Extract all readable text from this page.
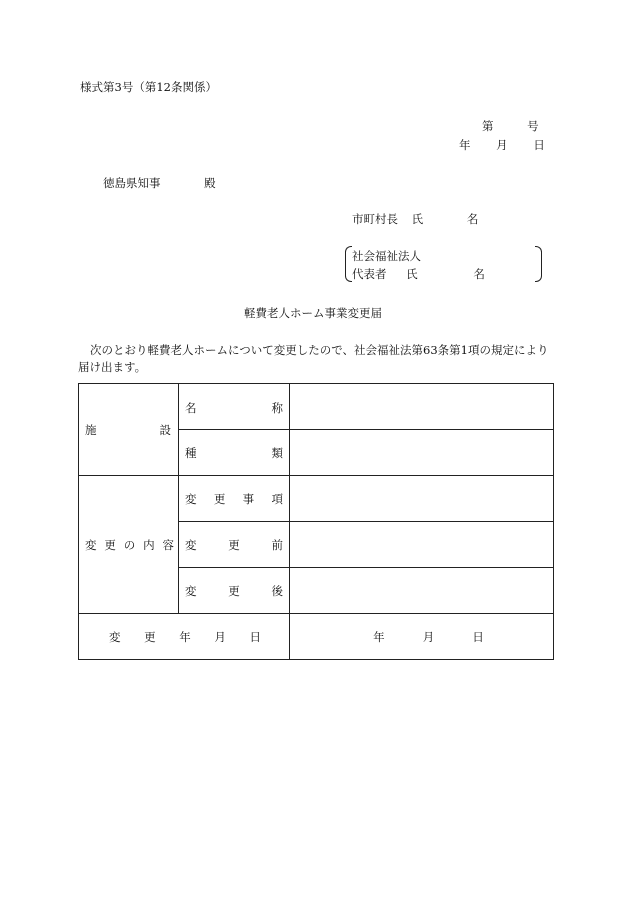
様式第3号（第12条関係）
第	号
年 月 日
徳島県知事	殿
市町村長 氏	名
社会福祉法人
代表者 氏	名
軽費老人ホーム事業変更届
次のとおり軽費老人ホームについて変更したので、社会福祉法第63条第1項の規定により
届け出ます。
施 設	名 称	

	種 類	

変 更 の 内 容	変 更 事 項	

	変 更 前	

	変 更 後	

変 更 年 月 日		年 月 日
